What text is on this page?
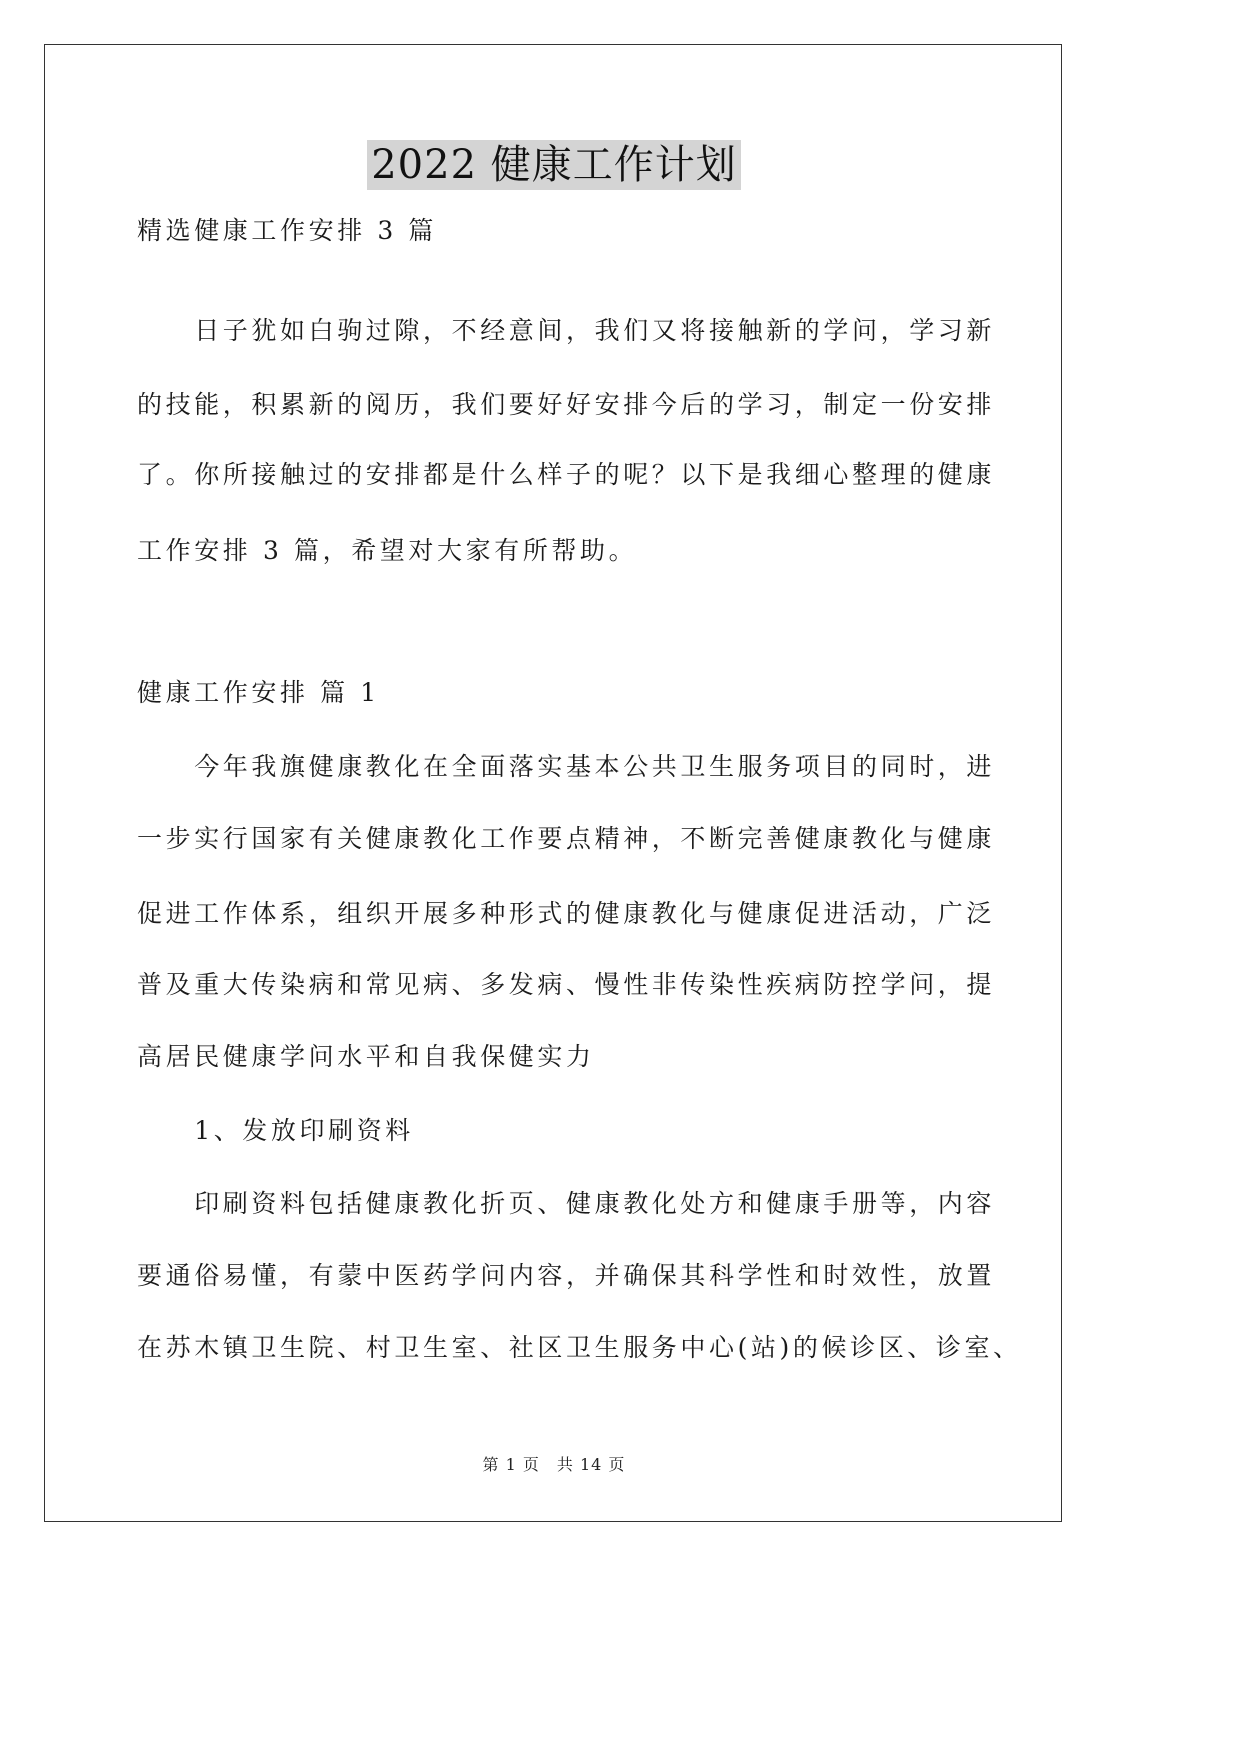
2022 健康工作计划
精选健康工作安排 3 篇
　　日子犹如白驹过隙，不经意间，我们又将接触新的学问，学习新
的技能，积累新的阅历，我们要好好安排今后的学习，制定一份安排
了。你所接触过的安排都是什么样子的呢？以下是我细心整理的健康
工作安排 3 篇，希望对大家有所帮助。
健康工作安排 篇 1
　　今年我旗健康教化在全面落实基本公共卫生服务项目的同时，进
一步实行国家有关健康教化工作要点精神，不断完善健康教化与健康
促进工作体系，组织开展多种形式的健康教化与健康促进活动，广泛
普及重大传染病和常见病、多发病、慢性非传染性疾病防控学问，提
高居民健康学问水平和自我保健实力
　　1、发放印刷资料
　　印刷资料包括健康教化折页、健康教化处方和健康手册等，内容
要通俗易懂，有蒙中医药学问内容，并确保其科学性和时效性，放置
在苏木镇卫生院、村卫生室、社区卫生服务中心(站)的候诊区、诊室、
第 1 页　共 14 页
